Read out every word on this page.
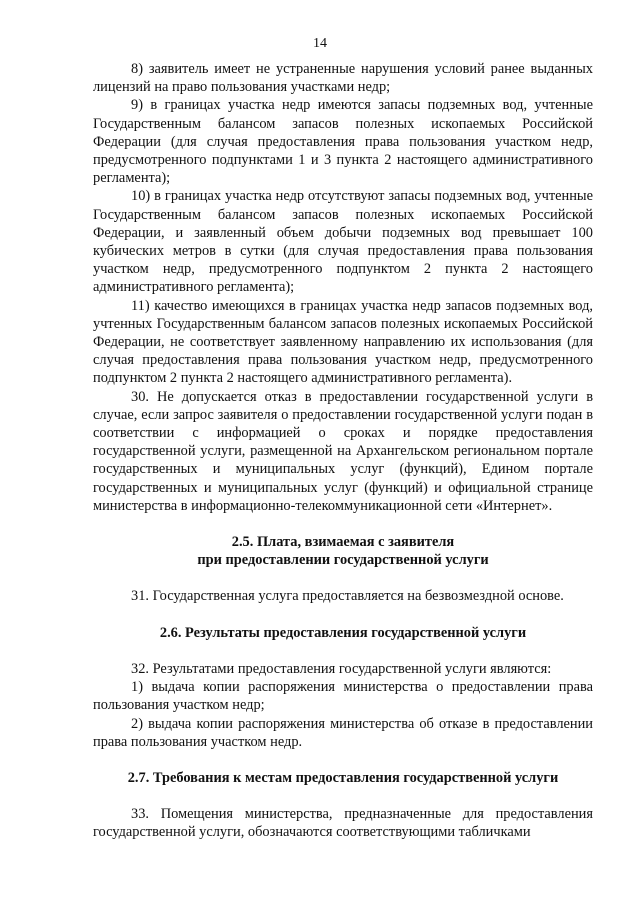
14

8) заявитель имеет не устраненные нарушения условий ранее выданных лицензий на право пользования участками недр;

9) в границах участка недр имеются запасы подземных вод, учтенные Государственным балансом запасов полезных ископаемых Российской Федерации (для случая предоставления права пользования участком недр, предусмотренного подпунктами 1 и 3 пункта 2 настоящего административного регламента);

10) в границах участка недр отсутствуют запасы подземных вод, учтенные Государственным балансом запасов полезных ископаемых Российской Федерации, и заявленный объем добычи подземных вод превышает 100 кубических метров в сутки (для случая предоставления права пользования участком недр, предусмотренного подпунктом 2 пункта 2 настоящего административного регламента);

11) качество имеющихся в границах участка недр запасов подземных вод, учтенных Государственным балансом запасов полезных ископаемых Российской Федерации, не соответствует заявленному направлению их использования (для случая предоставления права пользования участком недр, предусмотренного подпунктом 2 пункта 2 настоящего административного регламента).

30. Не допускается отказ в предоставлении государственной услуги в случае, если запрос заявителя о предоставлении государственной услуги подан в соответствии с информацией о сроках и порядке предоставления государственной услуги, размещенной на Архангельском региональном портале государственных и муниципальных услуг (функций), Едином портале государственных и муниципальных услуг (функций) и официальной странице министерства в информационно-телекоммуникационной сети «Интернет».

2.5. Плата, взимаемая с заявителя
при предоставлении государственной услуги

31. Государственная услуга предоставляется на безвозмездной основе.

2.6. Результаты предоставления государственной услуги

32. Результатами предоставления государственной услуги являются:

1) выдача копии распоряжения министерства о предоставлении права пользования участком недр;

2) выдача копии распоряжения министерства об отказе в предоставлении права пользования участком недр.

2.7. Требования к местам предоставления государственной услуги

33. Помещения министерства, предназначенные для предоставления государственной услуги, обозначаются соответствующими табличками
